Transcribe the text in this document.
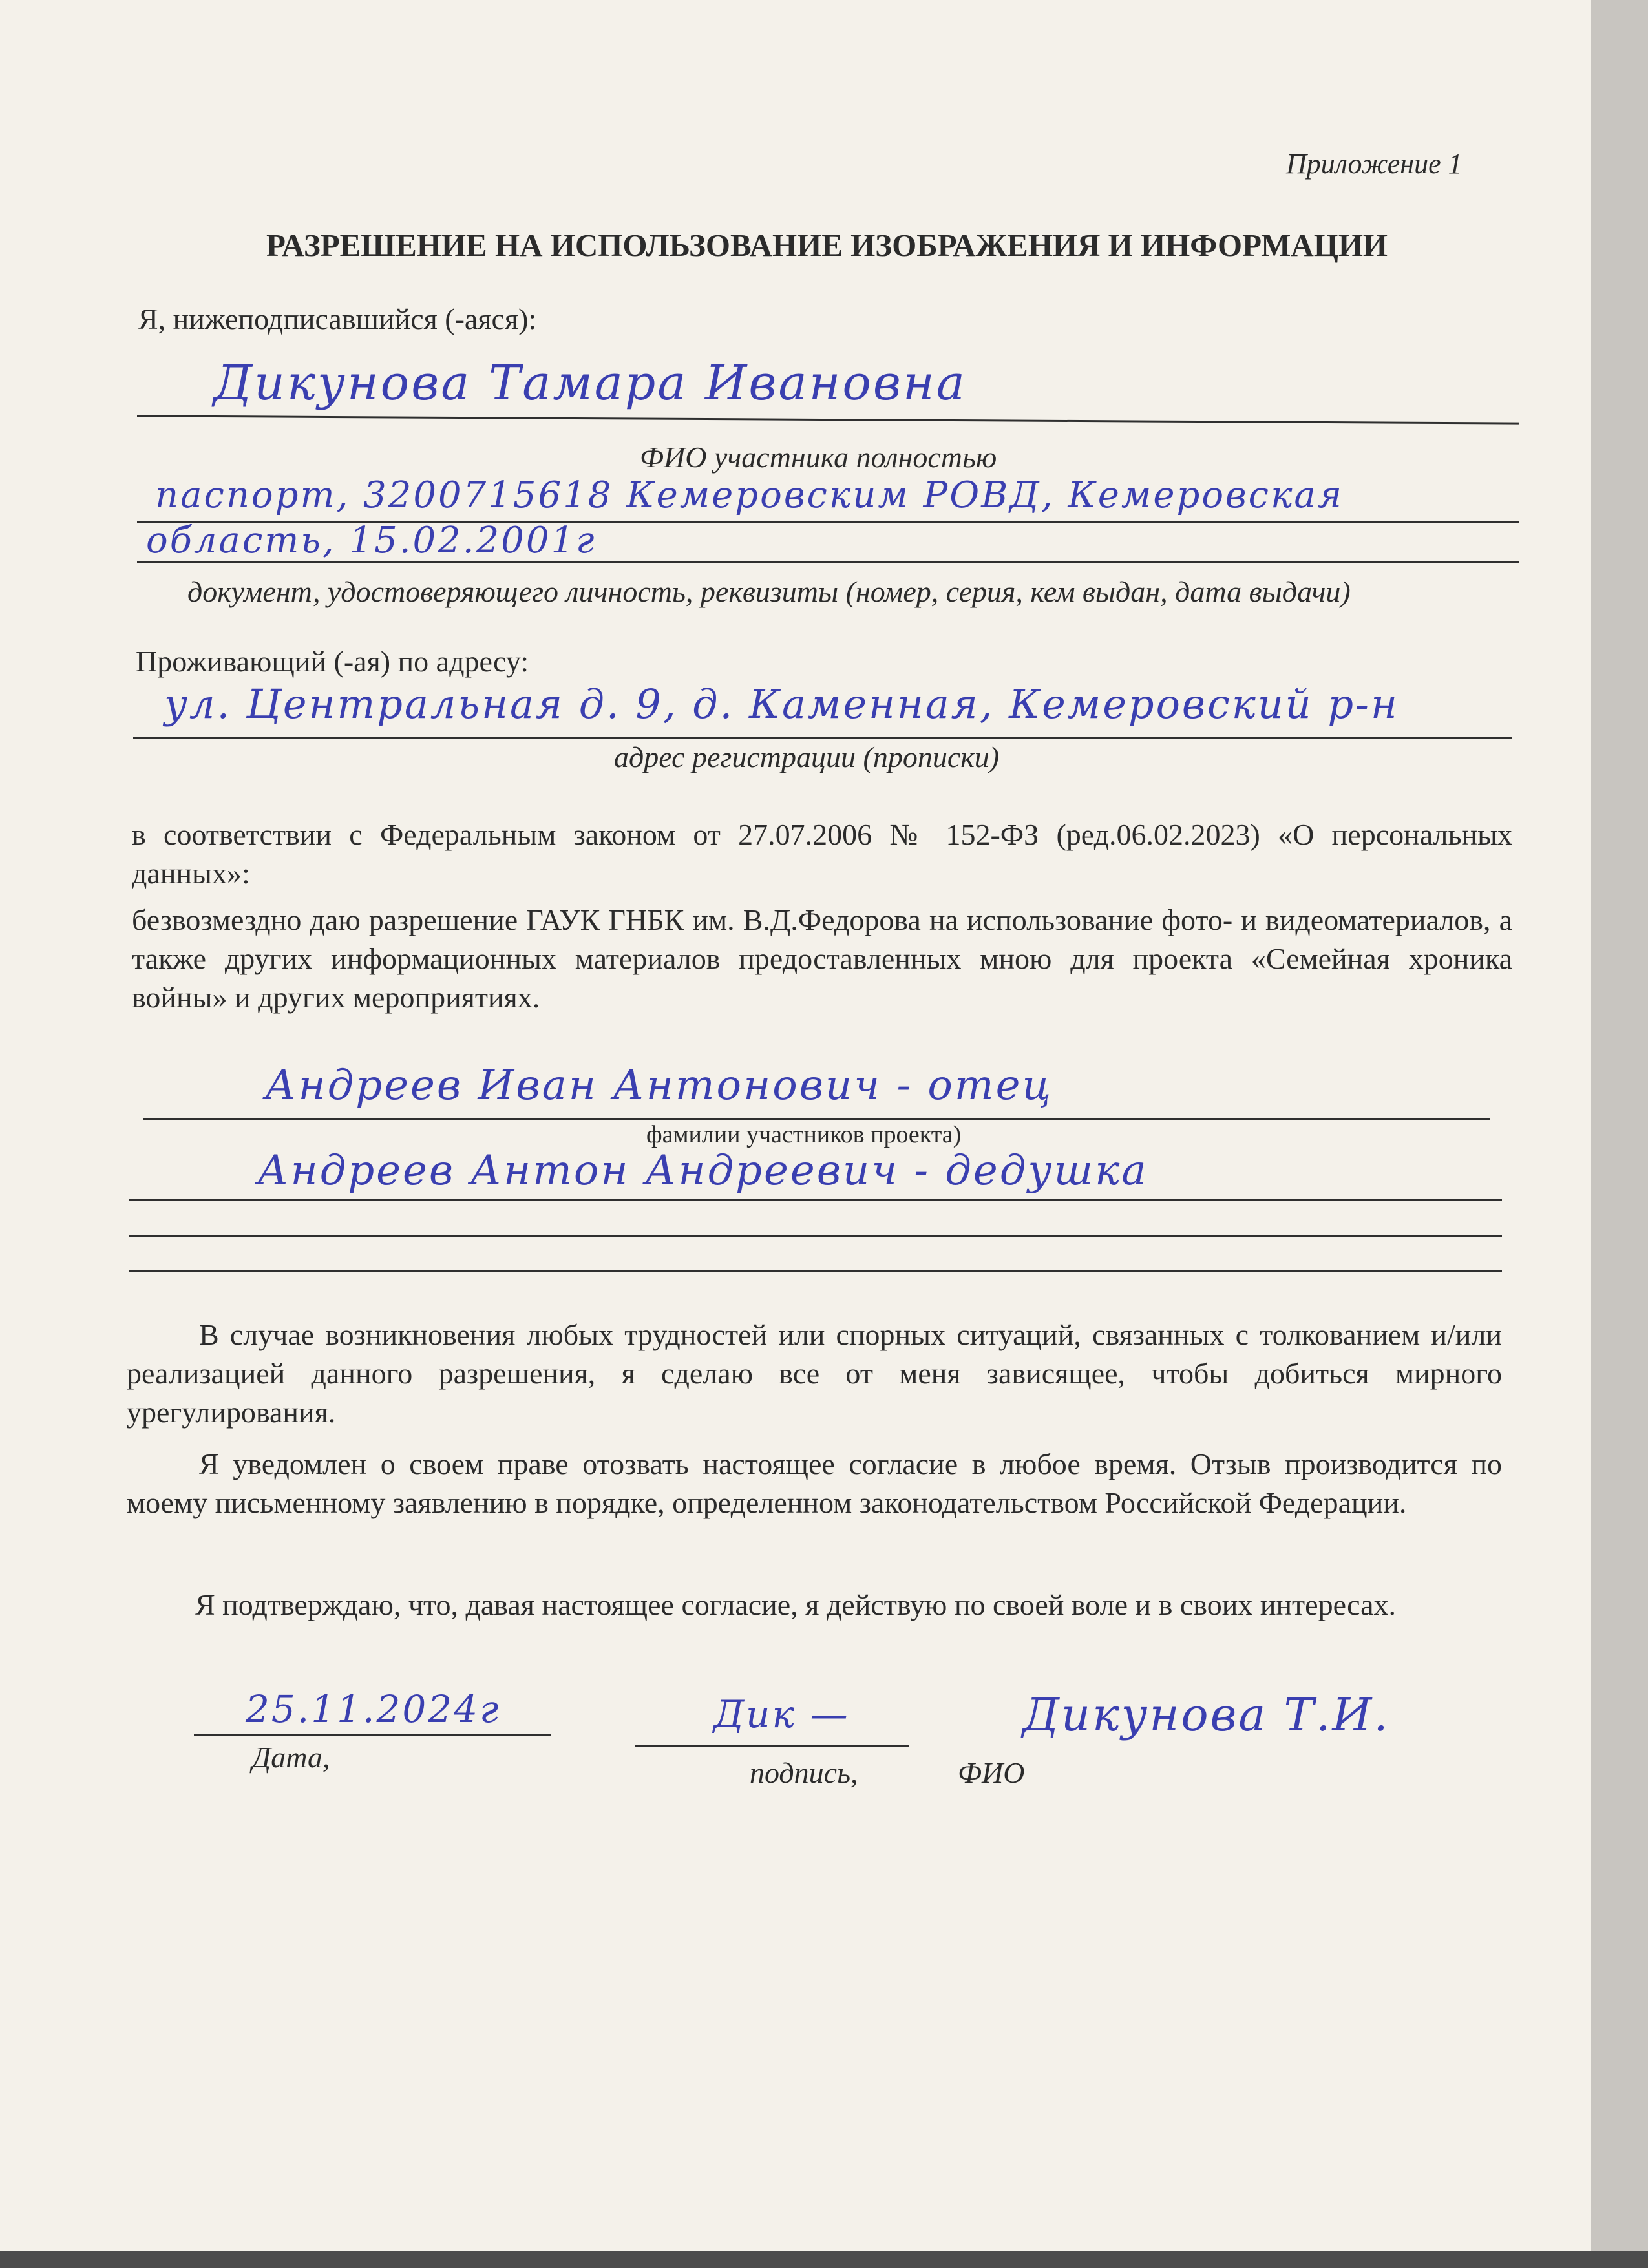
Приложение 1
РАЗРЕШЕНИЕ НА ИСПОЛЬЗОВАНИЕ ИЗОБРАЖЕНИЯ И ИНФОРМАЦИИ
Я, нижеподписавшийся (-аяся):
Дикунова Тамара Ивановна
ФИО участника полностью
паспорт, 3200715618 Кемеровским РОВД, Кемеровская
область, 15.02.2001г
документ, удостоверяющего личность, реквизиты (номер, серия, кем выдан, дата выдачи)
Проживающий (-ая) по адресу:
ул. Центральная д. 9, д. Каменная, Кемеровский р-н
адрес регистрации (прописки)
в соответствии с Федеральным законом от 27.07.2006 № 152-ФЗ (ред.06.02.2023) «О персональных данных»:
безвозмездно даю разрешение ГАУК ГНБК им. В.Д.Федорова на использование фото- и видеоматериалов, а также других информационных материалов предоставленных мною для проекта «Семейная хроника войны» и других мероприятиях.
Андреев Иван Антонович - отец
фамилии участников проекта)
Андреев Антон Андреевич - дедушка
В случае возникновения любых трудностей или спорных ситуаций, связанных с толкованием и/или реализацией данного разрешения, я сделаю все от меня зависящее, чтобы добиться мирного урегулирования.
Я уведомлен о своем праве отозвать настоящее согласие в любое время. Отзыв производится по моему письменному заявлению в порядке, определенном законодательством Российской Федерации.
Я подтверждаю, что, давая настоящее согласие, я действую по своей воле и в своих интересах.
25.11.2024г
Дата,
Дик —
подпись,
Дикунова Т.И.
ФИО
